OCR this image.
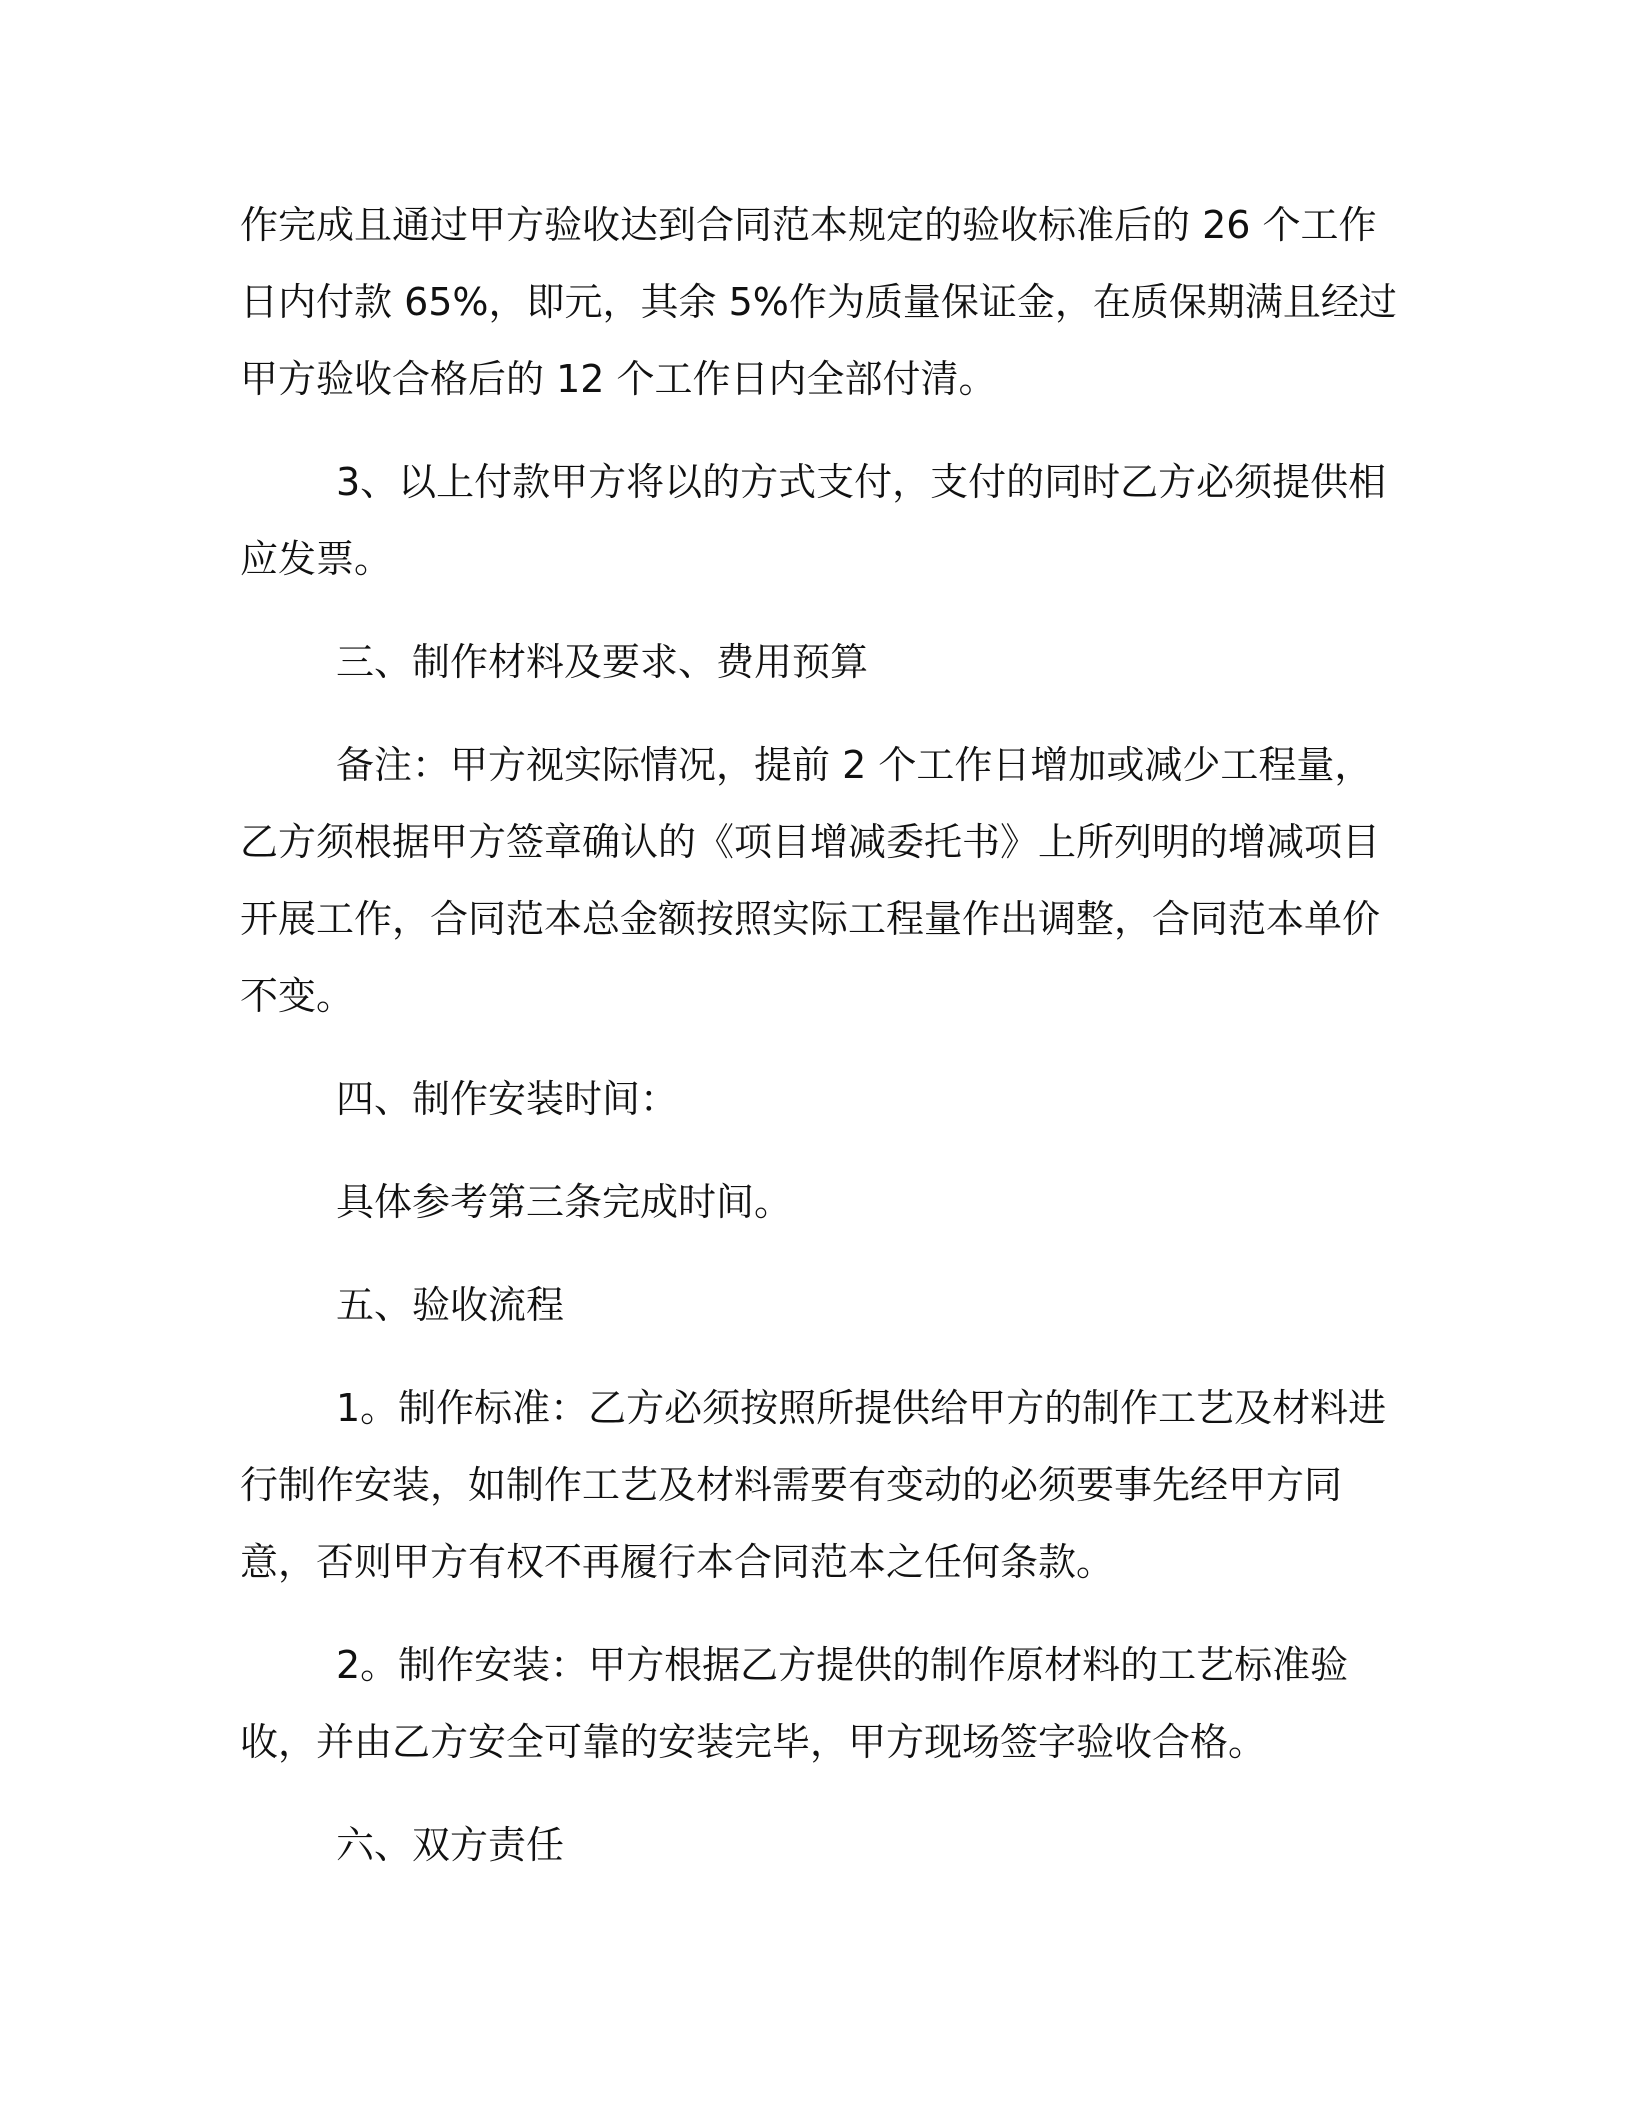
作完成且通过甲方验收达到合同范本规定的验收标准后的 26 个工作日内付款 65%，即元，其余 5%作为质量保证金，在质保期满且经过甲方验收合格后的 12 个工作日内全部付清。

3、以上付款甲方将以的方式支付，支付的同时乙方必须提供相应发票。

三、制作材料及要求、费用预算

备注：甲方视实际情况，提前 2 个工作日增加或减少工程量，乙方须根据甲方签章确认的《项目增减委托书》上所列明的增减项目开展工作，合同范本总金额按照实际工程量作出调整，合同范本单价不变。

四、制作安装时间：

具体参考第三条完成时间。

五、验收流程

1。制作标准：乙方必须按照所提供给甲方的制作工艺及材料进行制作安装，如制作工艺及材料需要有变动的必须要事先经甲方同意，否则甲方有权不再履行本合同范本之任何条款。

2。制作安装：甲方根据乙方提供的制作原材料的工艺标准验收，并由乙方安全可靠的安装完毕，甲方现场签字验收合格。

六、双方责任
